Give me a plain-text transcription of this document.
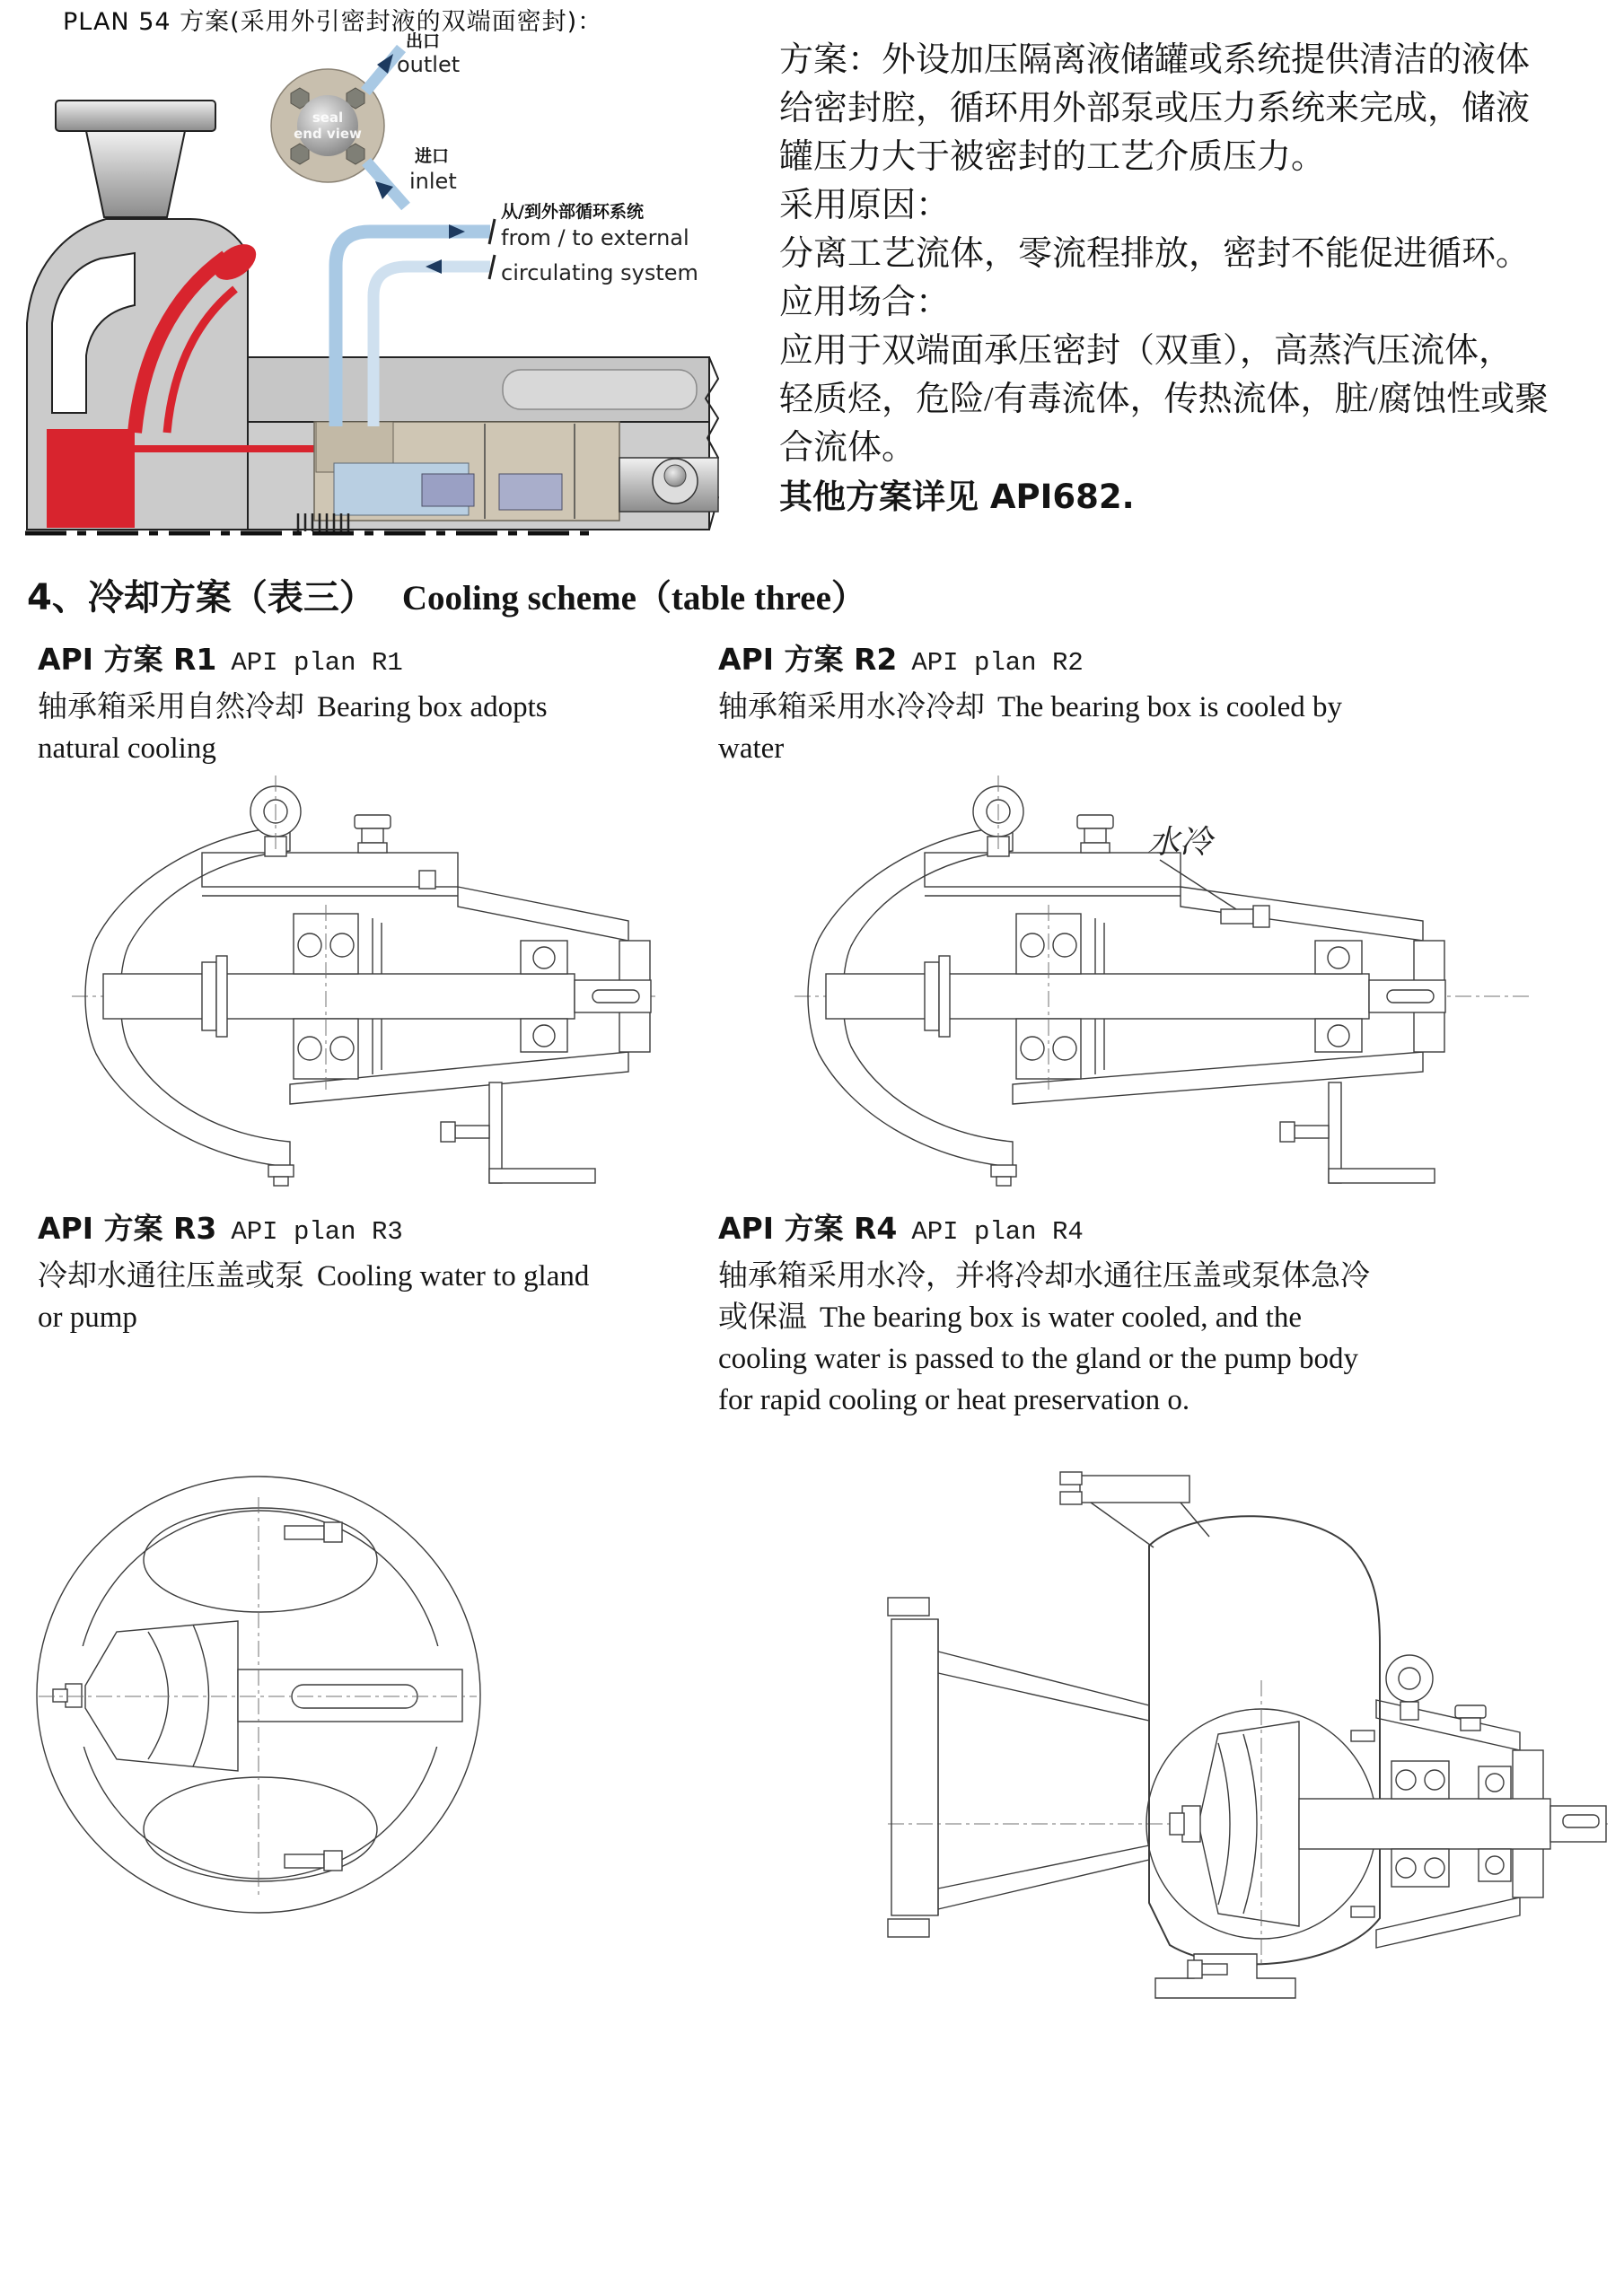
PLAN 54 方案(采用外引密封液的双端面密封)：
seal
end view
出口
outlet
进口
inlet
从/到外部循环系统
from / to external
circulating system
方案：外设加压隔离液储罐或系统提供清洁的液体
给密封腔，循环用外部泵或压力系统来完成，储液
罐压力大于被密封的工艺介质压力。
采用原因：
分离工艺流体，零流程排放，密封不能促进循环。
应用场合：
应用于双端面承压密封（双重），高蒸汽压流体，
轻质烃，危险/有毒流体，传热流体，脏/腐蚀性或聚
合流体。
其他方案详见 API682.
4、冷却方案（表三） Cooling scheme（table three）
API 方案 R1 API plan R1
轴承箱采用自然冷却 Bearing box adopts natural cooling
API 方案 R2 API plan R2
轴承箱采用水冷冷却 The bearing box is cooled by water
API 方案 R3 API plan R3
冷却水通往压盖或泵 Cooling water to gland or pump
API 方案 R4 API plan R4
轴承箱采用水冷，并将冷却水通往压盖或泵体急冷或保温 The bearing box is water cooled, and the cooling water is passed to the gland or the pump body for rapid cooling or heat preservation o.
水冷
